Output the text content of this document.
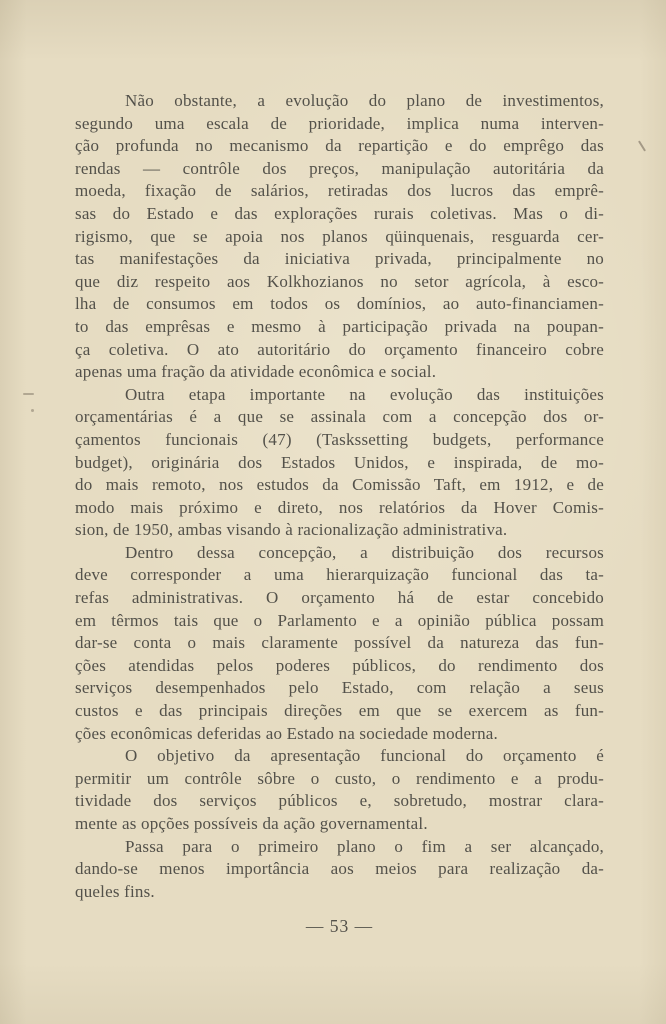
Não obstante, a evolução do plano de investimentos,
segundo uma escala de prioridade, implica numa interven-
ção profunda no mecanismo da repartição e do emprêgo das
rendas — contrôle dos preços, manipulação autoritária da
moeda, fixação de salários, retiradas dos lucros das emprê-
sas do Estado e das explorações rurais coletivas. Mas o di-
rigismo, que se apoia nos planos qüinquenais, resguarda cer-
tas manifestações da iniciativa privada, principalmente no
que diz respeito aos Kolkhozianos no setor agrícola, à esco-
lha de consumos em todos os domínios, ao auto-financiamen-
to das emprêsas e mesmo à participação privada na poupan-
ça coletiva. O ato autoritário do orçamento financeiro cobre
apenas uma fração da atividade econômica e social.
Outra etapa importante na evolução das instituições
orçamentárias é a que se assinala com a concepção dos or-
çamentos funcionais (47) (Taskssetting budgets, performance
budget), originária dos Estados Unidos, e inspirada, de mo-
do mais remoto, nos estudos da Comissão Taft, em 1912, e de
modo mais próximo e direto, nos relatórios da Hover Comis-
sion, de 1950, ambas visando à racionalização administrativa.
Dentro dessa concepção, a distribuição dos recursos
deve corresponder a uma hierarquização funcional das ta-
refas administrativas. O orçamento há de estar concebido
em têrmos tais que o Parlamento e a opinião pública possam
dar-se conta o mais claramente possível da natureza das fun-
ções atendidas pelos poderes públicos, do rendimento dos
serviços desempenhados pelo Estado, com relação a seus
custos e das principais direções em que se exercem as fun-
ções econômicas deferidas ao Estado na sociedade moderna.
O objetivo da apresentação funcional do orçamento é
permitir um contrôle sôbre o custo, o rendimento e a produ-
tividade dos serviços públicos e, sobretudo, mostrar clara-
mente as opções possíveis da ação governamental.
Passa para o primeiro plano o fim a ser alcançado,
dando-se menos importância aos meios para realização da-
queles fins.
— 53 —
